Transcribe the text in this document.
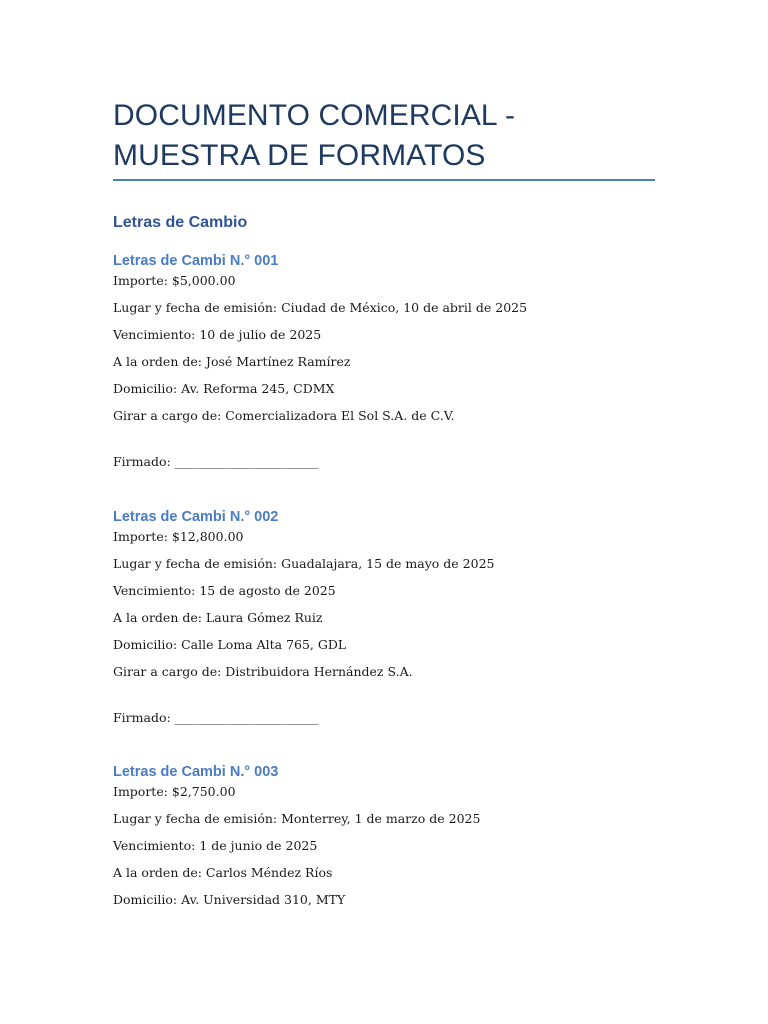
DOCUMENTO COMERCIAL - MUESTRA DE FORMATOS
Letras de Cambio
Letras de Cambi N.° 001

Importe: $5,000.00

Lugar y fecha de emisión: Ciudad de México, 10 de abril de 2025

Vencimiento: 10 de julio de 2025

A la orden de: José Martínez Ramírez

Domicilio: Av. Reforma 245, CDMX

Girar a cargo de: Comercializadora El Sol S.A. de C.V.

Firmado: _______________________

Letras de Cambi N.° 002

Importe: $12,800.00

Lugar y fecha de emisión: Guadalajara, 15 de mayo de 2025

Vencimiento: 15 de agosto de 2025

A la orden de: Laura Gómez Ruiz

Domicilio: Calle Loma Alta 765, GDL

Girar a cargo de: Distribuidora Hernández S.A.

Firmado: _______________________

Letras de Cambi N.° 003

Importe: $2,750.00

Lugar y fecha de emisión: Monterrey, 1 de marzo de 2025

Vencimiento: 1 de junio de 2025

A la orden de: Carlos Méndez Ríos

Domicilio: Av. Universidad 310, MTY
